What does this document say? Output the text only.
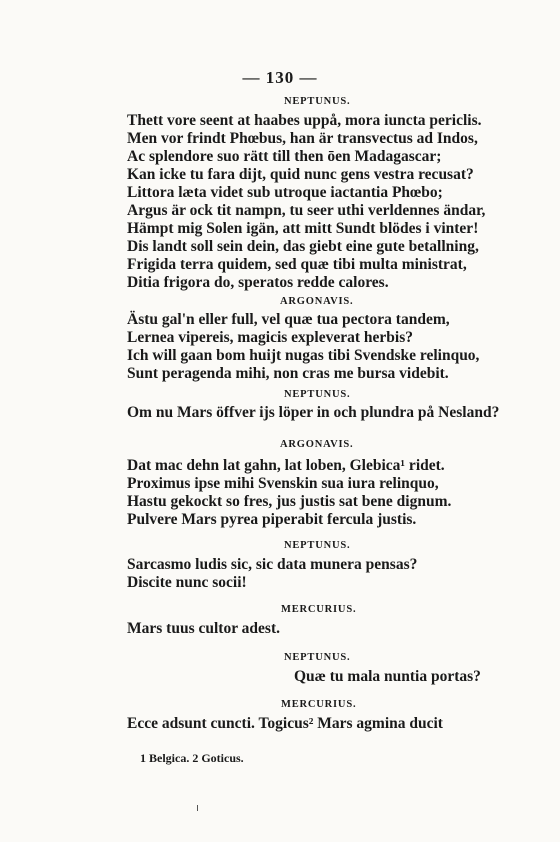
— 130 —
NEPTUNUS.
Thett vore seent at haabes uppå, mora iuncta periclis.
Men vor frindt Phœbus, han är transvectus ad Indos,
Ac splendore suo rätt till then ōen Madagascar;
Kan icke tu fara dijt, quid nunc gens vestra recusat?
Littora læta videt sub utroque iactantia Phœbo;
Argus är ock tit nampn, tu seer uthi verldennes ändar,
Hämpt mig Solen igän, att mitt Sundt blödes i vinter!
Dis landt soll sein dein, das giebt eine gute betallning,
Frigida terra quidem, sed quæ tibi multa ministrat,
Ditia frigora do, speratos redde calores.
ARGONAVIS.
Ästu gal'n eller full, vel quæ tua pectora tandem,
Lernea vipereis, magicis expleverat herbis?
Ich will gaan bom huijt nugas tibi Svendske relinquo,
Sunt peragenda mihi, non cras me bursa videbit.
NEPTUNUS.
Om nu Mars öffver ijs löper in och plundra på Nesland?
ARGONAVIS.
Dat mac dehn lat gahn, lat loben, Glebica¹ ridet.
Proximus ipse mihi Svenskin sua iura relinquo,
Hastu gekockt so fres, jus justis sat bene dignum.
Pulvere Mars pyrea piperabit fercula justis.
NEPTUNUS.
Sarcasmo ludis sic, sic data munera pensas?
Discite nunc socii!
MERCURIUS.
Mars tuus cultor adest.
NEPTUNUS.
Quæ tu mala nuntia portas?
MERCURIUS.
Ecce adsunt cuncti. Togicus² Mars agmina ducit
1 Belgica. 2 Goticus.
